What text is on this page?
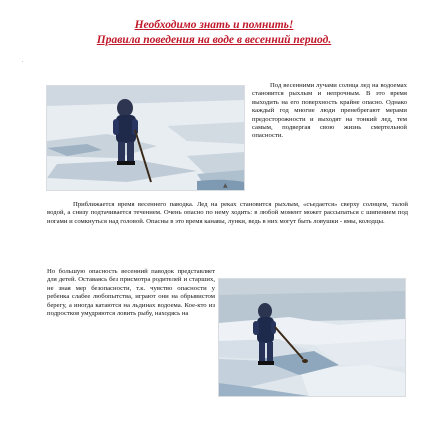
.
Необходимо знать и помнить!
Правила поведения на воде в весенний период.
▲

Под весенними лучами солнца лед на водоемах становится рыхлым и непрочным. В это время выходить на его поверхность крайне опасно. Однако каждый год многие люди пренебрегают мерами предосторожности и выходят на тонкий лед, тем самым, подвергая свою жизнь смертельной опасности.

Приближается время весеннего паводка. Лед на реках становится рыхлым, «съедается» сверху солнцем, талой водой, а снизу подтачивается течением. Очень опасно по нему ходить: в любой момент может рассыпаться с шипением под ногами и сомкнуться над головой. Опасны в это время канавы, лунки, ведь в них могут быть ловушки - ямы, колодцы.

Но большую опасность весенний паводок представляет для детей. Оставаясь без присмотра родителей и старших, не зная мер безопасности, т.к. чувство опасности у ребенка слабее любопытства, играют они на обрывистом берегу, а иногда катаются на льдинах водоема. Кое-кто из подростков умудряются ловить рыбу, находясь на
